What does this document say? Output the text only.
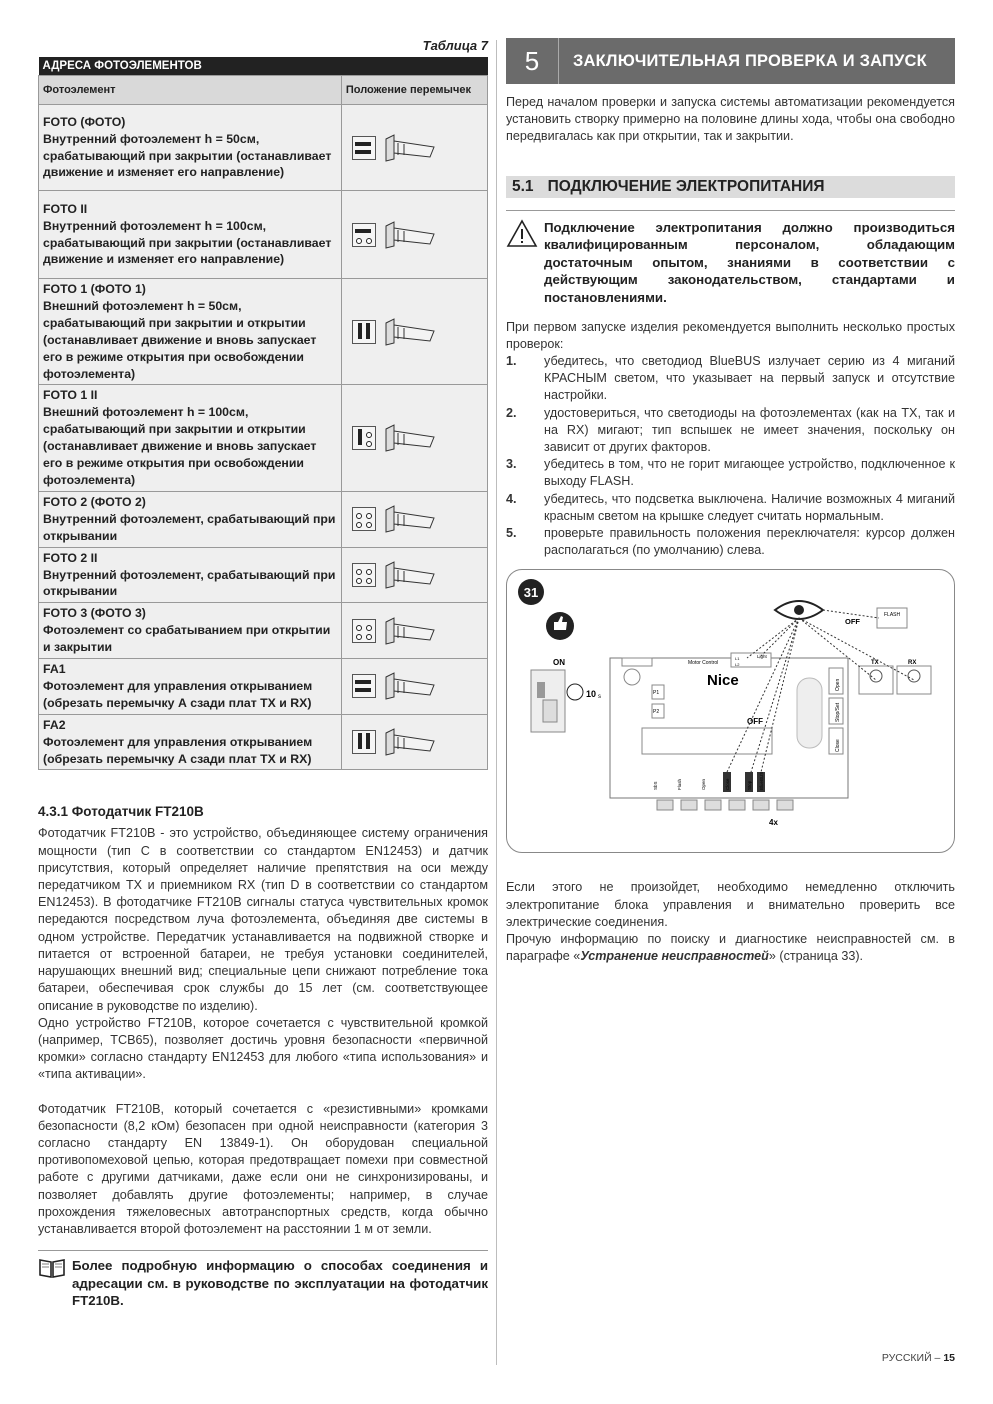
Таблица 7
АДРЕСА ФОТОЭЛЕМЕНТОВ	
Фотоэлемент	Положение перемычек

FOTO (ФОТО)
Внутренний фотоэлемент h = 50см, срабатывающий при закрытии (останавливает движение и изменяет его направление)

FOTO II
Внутренний фотоэлемент h = 100см, срабатывающий при закрытии (останавливает движение и изменяет его направление)

FOTO 1 (ФОТО 1)
Внешний фотоэлемент h = 50см, срабатывающий при закрытии и открытии (останавливает движение и вновь запускает его в режиме открытия при освобождении фотоэлемента)

FOTO 1 II
Внешний фотоэлемент h = 100см, срабатывающий при закрытии и открытии (останавливает движение и вновь запускает его в режиме открытия при освобождении фотоэлемента)

FOTO 2 (ФОТО 2)
Внутренний фотоэлемент, срабатывающий при открывании

FOTO 2 II
Внутренний фотоэлемент, срабатывающий при открывании

FOTO 3 (ФОТО 3)
Фотоэлемент со срабатыванием при открытии и закрытии

FA1
Фотоэлемент для управления открыванием (обрезать перемычку А сзади плат TX и RX)

FA2
Фотоэлемент для управления открыванием (обрезать перемычку А сзади плат TX и RX)

4.3.1 Фотодатчик FT210B

Фотодатчик FT210B - это устройство, объединяющее систему ограничения мощности (тип C в соответствии со стандартом EN12453) и датчик присутствия, который определяет наличие препятствия на оси между передатчиком TX и приемником RX (тип D в соответствии со стандартом EN12453). В фотодатчике FT210B сигналы статуса чувствительных кромок передаются посредством луча фотоэлемента, объединяя две системы в одном устройстве. Передатчик устанавливается на подвижной створке и питается от встроенной батареи, не требуя установки соединителей, нарушающих внешний вид; специальные цепи снижают потребление тока батареи, обеспечивая срок службы до 15 лет (см. соответствующее описание в руководстве по изделию).

Одно устройство FT210B, которое сочетается с чувствительной кромкой (например, TCB65), позволяет достичь уровня безопасности «первичной кромки» согласно стандарту EN12453 для любого «типа использования» и «типа активации».

Фотодатчик FT210B, который сочетается с «резистивными» кромками безопасности (8,2 кОм) безопасен при одной неисправности (категория 3 согласно стандарту EN 13849-1). Он оборудован специальной противопомеховой цепью, которая предотвращает помехи при совместной работе с другими датчиками, даже если они не синхронизированы, и позволяет добавлять другие фотоэлементы; например, в случае прохождения тяжеловесных автотранспортных средств, когда обычно устанавливается второй фотоэлемент на расстоянии 1 м от земли.

Более подробную информацию о способах соединения и адресации см. в руководстве по эксплуатации на фотодатчик FT210B.
5	ЗАКЛЮЧИТЕЛЬНАЯ ПРОВЕРКА И ЗАПУСК

Перед началом проверки и запуска системы автоматизации рекомендуется установить створку примерно на половине длины хода, чтобы она свободно передвигалась как при открытии, так и закрытии.

5.1 ПОДКЛЮЧЕНИЕ ЭЛЕКТРОПИТАНИЯ
Подключение электропитания должно производиться квалифицированным персоналом, обладающим достаточным опытом, знаниями в соответствии с действующим законодательством, стандартами и постановлениями.

При первом запуске изделия рекомендуется выполнить несколько простых проверок:

1.	убедитесь, что светодиод BlueBUS излучает серию из 4 миганий КРАСНЫМ светом, что указывает на первый запуск и отсутствие настройки.
2.	удостовериться, что светодиоды на фотоэлементах (как на TX, так и на RX) мигают; тип вспышек не имеет значения, поскольку он зависит от других факторов.
3.	убедитесь в том, что не горит мигающее устройство, подключенное к выходу FLASH.
4.	убедитесь, что подсветка выключена. Наличие возможных 4 миганий красным светом на крышке следует считать нормальным.
5.	проверьте правильность положения переключателя: курсор должен располагаться (по умолчанию) слева.
31
ON
10 s
Motor Control
P1
P2
Nice	Open
Stop/Set
Close
OFF
SbS	Flash	Open	Close	Stop BlueBUS
4x
OFF
FLASH
Light
L1
L2	TX	RX

Если этого не произойдет, необходимо немедленно отключить электропитание блока управления и внимательно проверить все электрические соединения.

Прочую информацию по поиску и диагностике неисправностей см. в параграфе «Устранение неисправностей» (страница 33).

РУССКИЙ – 15
